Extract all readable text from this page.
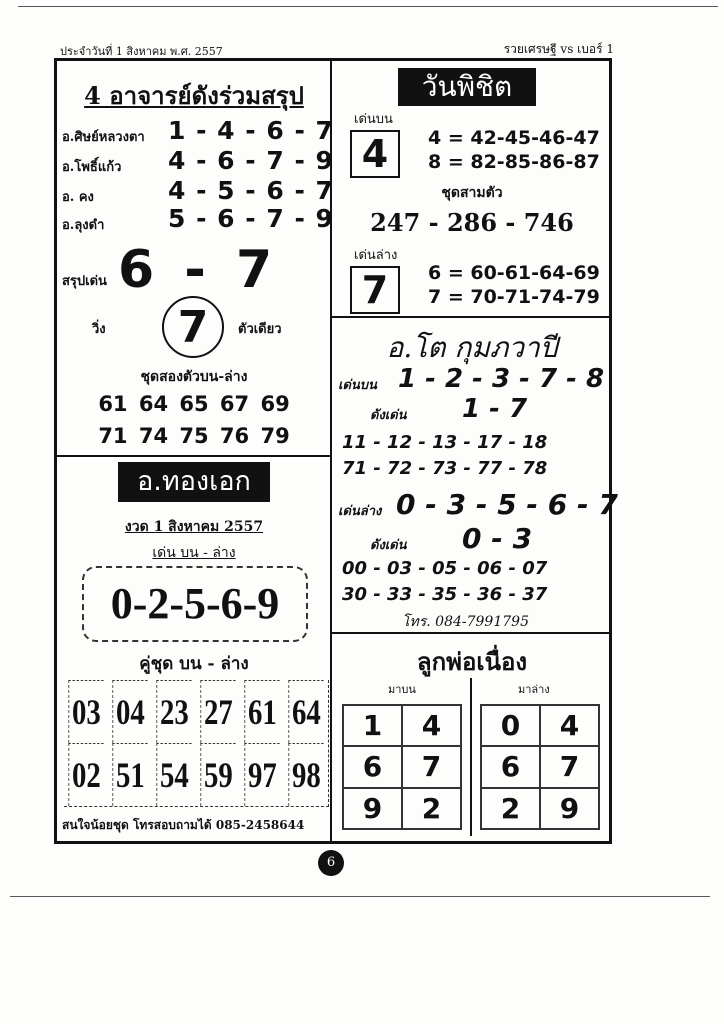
ประจำวันที่ 1 สิงหาคม พ.ศ. 2557	รวยเศรษฐี vs เบอร์ 1
4 อาจารย์ดังร่วมสรุป
อ.ศิษย์หลวงตา 1 - 4 - 6 - 7
อ.โพธิ์แก้ว 4 - 6 - 7 - 9
อ. คง	4 - 5 - 6 - 7
อ.ลุงดำ	5 - 6 - 7 - 9
สรุปเด่น 6 - 7
วิ่ง 7 ตัวเดียว
ชุดสองตัวบน-ล่าง
61 64 65 67 69
71 74 75 76 79
วันพิชิต
เด่นบน
4	4 = 42-45-46-47
8 = 82-85-86-87
ชุดสามตัว
247 - 286 - 746
เด่นล่าง
7	6 = 60-61-64-69
7 = 70-71-74-79
อ.โต กุมภวาปี
เด่นบน 1 - 2 - 3 - 7 - 8
ดังเด่น 1 - 7
11 - 12 - 13 - 17 - 18
71 - 72 - 73 - 77 - 78
เด่นล่าง 0 - 3 - 5 - 6 - 7
ดังเด่น 0 - 3
00 - 03 - 05 - 06 - 07
30 - 33 - 35 - 36 - 37
โทร. 084-7991795
อ.ทองเอก
งวด 1 สิงหาคม 2557
เด่น บน - ล่าง
0-2-5-6-9
คู่ชุด บน - ล่าง
03 04 23 27 61 64
02 51 54 59 97 98
สนใจน้อยชุด โทรสอบถามได้ 085-2458644
ลูกพ่อเนื่อง
มาบน	มาล่าง
1	4
6	7
9	2
0	4
6	7
2	9
6
